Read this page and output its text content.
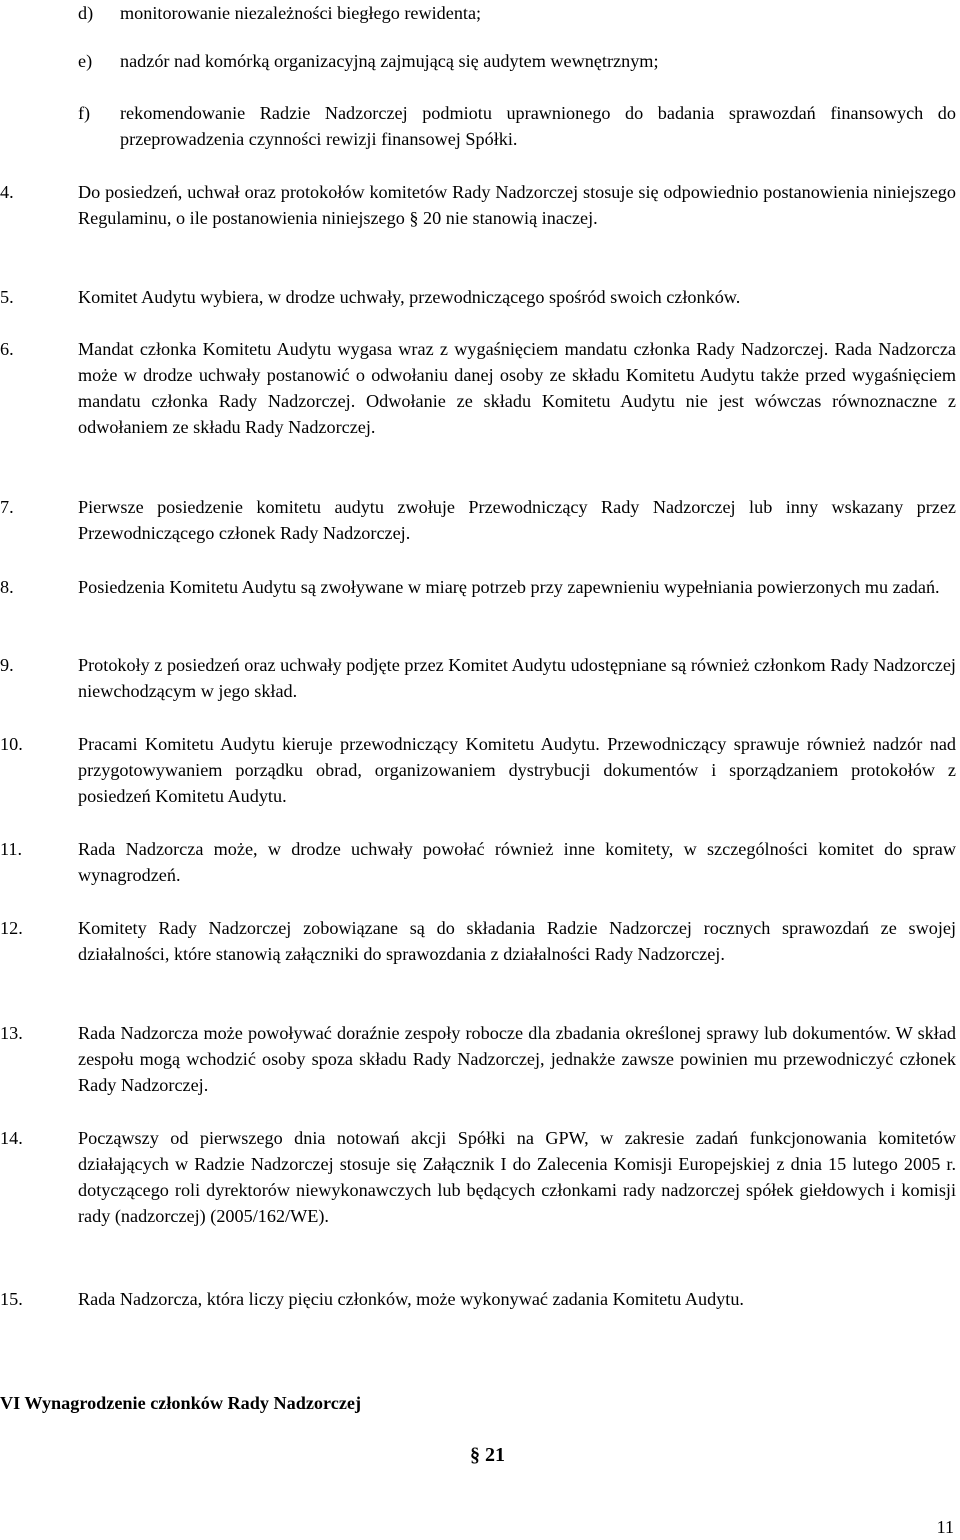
d) monitorowanie niezależności biegłego rewidenta;
e) nadzór nad komórką organizacyjną zajmującą się audytem wewnętrznym;
f) rekomendowanie Radzie Nadzorczej podmiotu uprawnionego do badania sprawozdań finansowych do przeprowadzenia czynności rewizji finansowej Spółki.
4.	Do posiedzeń, uchwał oraz protokołów komitetów Rady Nadzorczej stosuje się odpowiednio postanowienia niniejszego Regulaminu, o ile postanowienia niniejszego § 20 nie stanowią inaczej.
5.	Komitet Audytu wybiera, w drodze uchwały, przewodniczącego spośród swoich członków.
6.	Mandat członka Komitetu Audytu wygasa wraz z wygaśnięciem mandatu członka Rady Nadzorczej. Rada Nadzorcza może w drodze uchwały postanowić o odwołaniu danej osoby ze składu Komitetu Audytu także przed wygaśnięciem mandatu członka Rady Nadzorczej. Odwołanie ze składu Komitetu Audytu nie jest wówczas równoznaczne z odwołaniem ze składu Rady Nadzorczej.
7.	Pierwsze posiedzenie komitetu audytu zwołuje Przewodniczący Rady Nadzorczej lub inny wskazany przez Przewodniczącego członek Rady Nadzorczej.
8.	Posiedzenia Komitetu Audytu są zwoływane w miarę potrzeb przy zapewnieniu wypełniania powierzonych mu zadań.
9.	Protokoły z posiedzeń oraz uchwały podjęte przez Komitet Audytu udostępniane są również członkom Rady Nadzorczej niewchodzącym w jego skład.
10.	Pracami Komitetu Audytu kieruje przewodniczący Komitetu Audytu. Przewodniczący sprawuje również nadzór nad przygotowywaniem porządku obrad, organizowaniem dystrybucji dokumentów i sporządzaniem protokołów z posiedzeń Komitetu Audytu.
11.	Rada Nadzorcza może, w drodze uchwały powołać również inne komitety, w szczególności komitet do spraw wynagrodzeń.
12.	Komitety Rady Nadzorczej zobowiązane są do składania Radzie Nadzorczej rocznych sprawozdań ze swojej działalności, które stanowią załączniki do sprawozdania z działalności Rady Nadzorczej.
13.	Rada Nadzorcza może powoływać doraźnie zespoły robocze dla zbadania określonej sprawy lub dokumentów. W skład zespołu mogą wchodzić osoby spoza składu Rady Nadzorczej, jednakże zawsze powinien mu przewodniczyć członek Rady Nadzorczej.
14.	Począwszy od pierwszego dnia notowań akcji Spółki na GPW, w zakresie zadań funkcjonowania komitetów działających w Radzie Nadzorczej stosuje się Załącznik I do Zalecenia Komisji Europejskiej z dnia 15 lutego 2005 r. dotyczącego roli dyrektorów niewykonawczych lub będących członkami rady nadzorczej spółek giełdowych i komisji rady (nadzorczej) (2005/162/WE).
15.	Rada Nadzorcza, która liczy pięciu członków, może wykonywać zadania Komitetu Audytu.
VI Wynagrodzenie członków Rady Nadzorczej
§ 21
11
